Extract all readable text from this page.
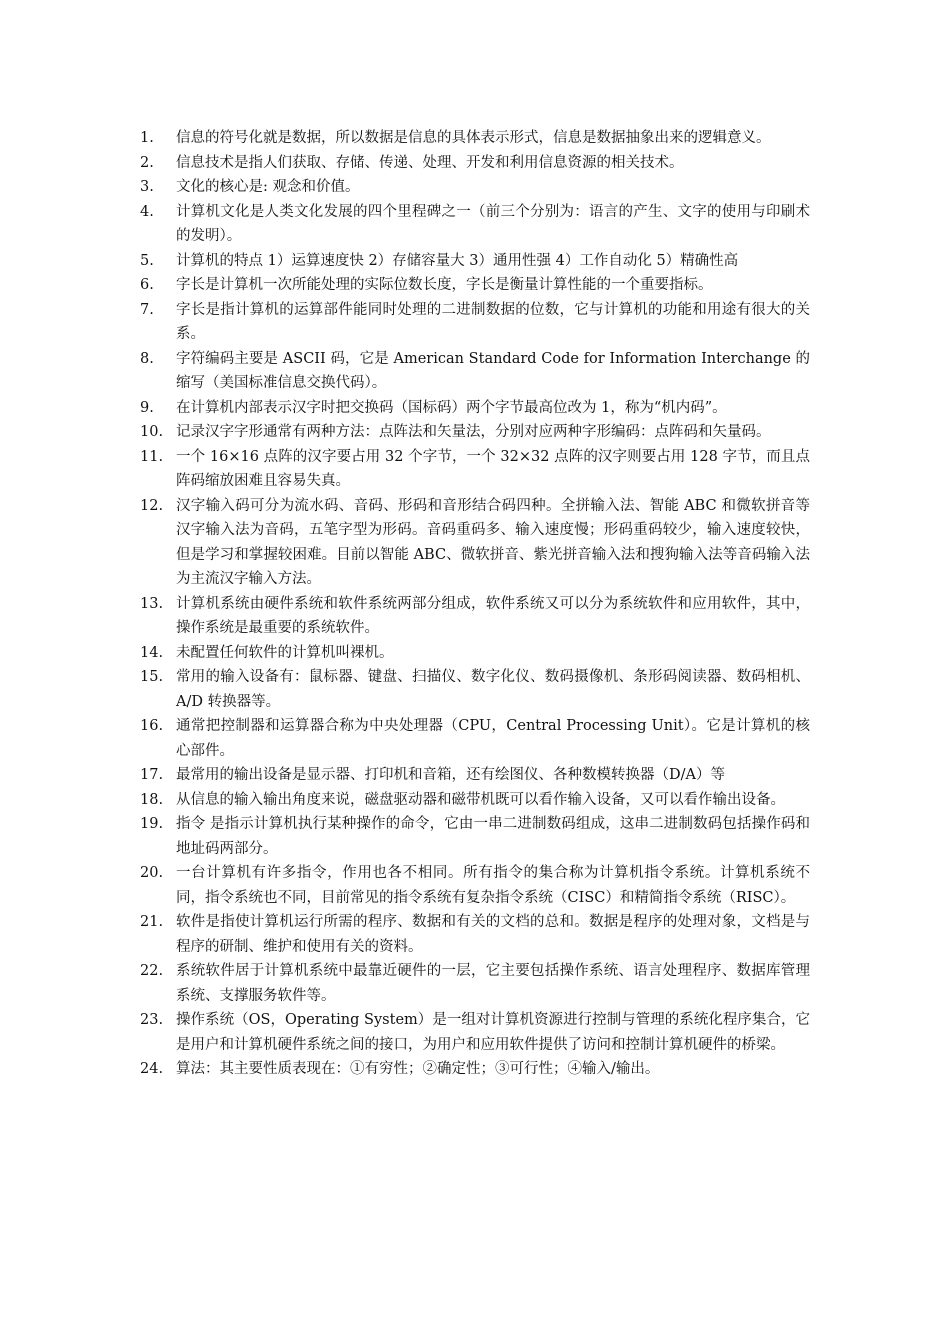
1.	信息的符号化就是数据，所以数据是信息的具体表示形式，信息是数据抽象出来的逻辑意义。
2.	信息技术是指人们获取、存储、传递、处理、开发和利用信息资源的相关技术。
3.	文化的核心是: 观念和价值。
4.	计算机文化是人类文化发展的四个里程碑之一（前三个分别为：语言的产生、文字的使用与印刷术的发明）。
5.	计算机的特点 1）运算速度快 2）存储容量大 3）通用性强 4）工作自动化 5）精确性高
6.	字长是计算机一次所能处理的实际位数长度，字长是衡量计算性能的一个重要指标。
7.	字长是指计算机的运算部件能同时处理的二进制数据的位数，它与计算机的功能和用途有很大的关系。
8.	字符编码主要是 ASCII 码，它是 American Standard Code for Information Interchange 的缩写（美国标准信息交换代码）。
9.	在计算机内部表示汉字时把交换码（国标码）两个字节最高位改为 1，称为“机内码”。
10. 记录汉字字形通常有两种方法：点阵法和矢量法，分别对应两种字形编码：点阵码和矢量码。
11. 一个 16×16 点阵的汉字要占用 32 个字节，一个 32×32 点阵的汉字则要占用 128 字节，而且点阵码缩放困难且容易失真。
12. 汉字输入码可分为流水码、音码、形码和音形结合码四种。全拼输入法、智能 ABC 和微软拼音等汉字输入法为音码，五笔字型为形码。音码重码多、输入速度慢；形码重码较少，输入速度较快，但是学习和掌握较困难。目前以智能 ABC、微软拼音、紫光拼音输入法和搜狗输入法等音码输入法为主流汉字输入方法。
13. 计算机系统由硬件系统和软件系统两部分组成，软件系统又可以分为系统软件和应用软件，其中，操作系统是最重要的系统软件。
14. 未配置任何软件的计算机叫裸机。
15. 常用的输入设备有：鼠标器、键盘、扫描仪、数字化仪、数码摄像机、条形码阅读器、数码相机、A/D 转换器等。
16. 通常把控制器和运算器合称为中央处理器（CPU，Central Processing Unit）。它是计算机的核心部件。
17. 最常用的输出设备是显示器、打印机和音箱，还有绘图仪、各种数模转换器（D/A）等
18. 从信息的输入输出角度来说，磁盘驱动器和磁带机既可以看作输入设备，又可以看作输出设备。
19. 指令 是指示计算机执行某种操作的命令，它由一串二进制数码组成，这串二进制数码包括操作码和地址码两部分。
20. 一台计算机有许多指令，作用也各不相同。所有指令的集合称为计算机指令系统。计算机系统不同，指令系统也不同，目前常见的指令系统有复杂指令系统（CISC）和精简指令系统（RISC）。
21. 软件是指使计算机运行所需的程序、数据和有关的文档的总和。数据是程序的处理对象，文档是与程序的研制、维护和使用有关的资料。
22. 系统软件居于计算机系统中最靠近硬件的一层，它主要包括操作系统、语言处理程序、数据库管理系统、支撑服务软件等。
23. 操作系统（OS，Operating System）是一组对计算机资源进行控制与管理的系统化程序集合，它是用户和计算机硬件系统之间的接口，为用户和应用软件提供了访问和控制计算机硬件的桥梁。
24. 算法：其主要性质表现在：①有穷性；②确定性；③可行性；④输入/输出。
